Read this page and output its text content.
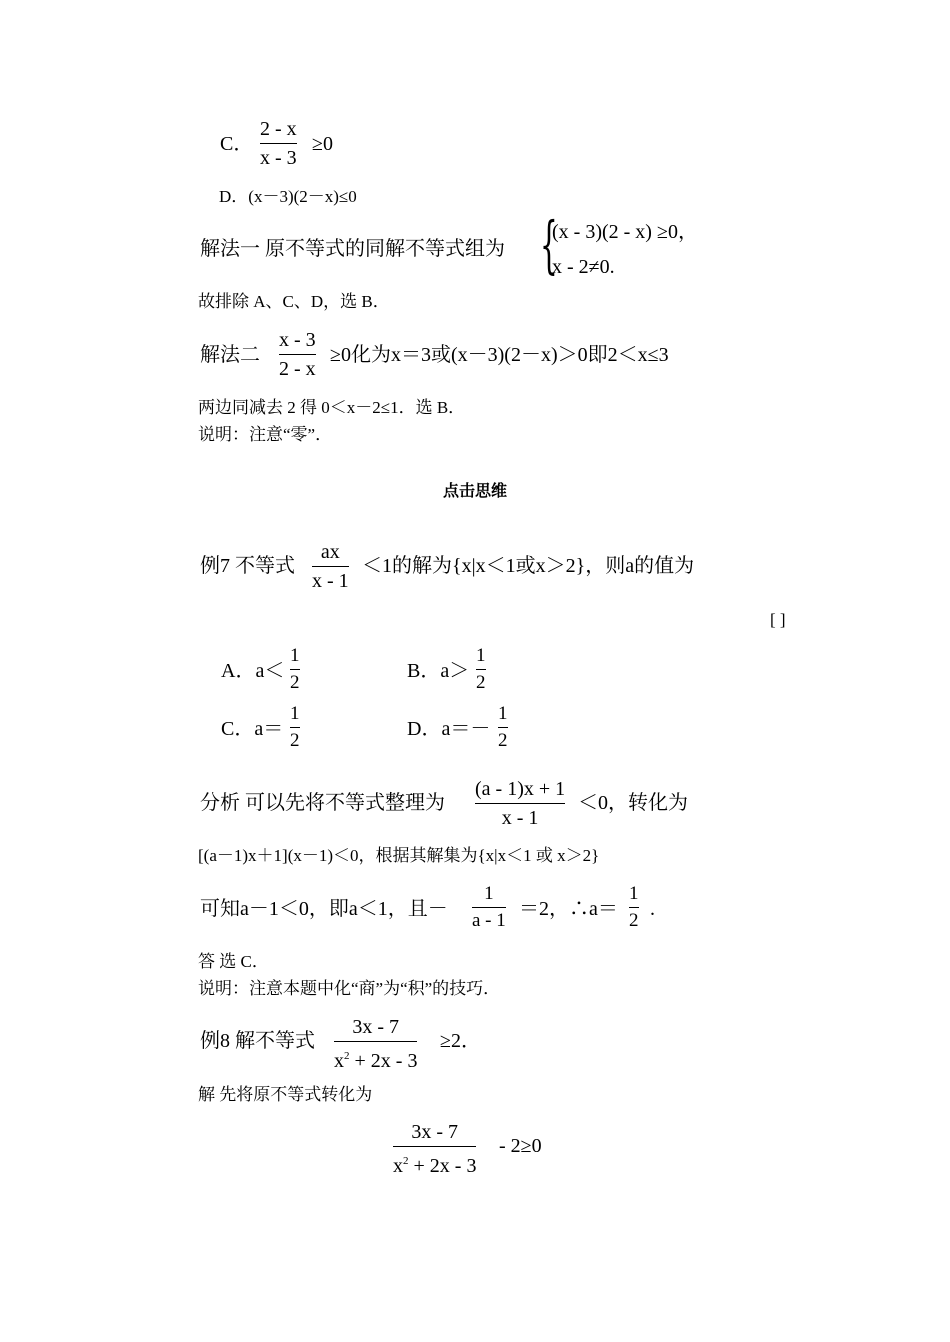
C．
2 - x
x - 3
≥0
D．(x－3)(2－x)≤0
解法一 原不等式的同解不等式组为 {
(x - 3)(2 - x) ≥0，
x - 2≠0.
故排除 A、C、D，选 B．
解法二
x - 3
2 - x
≥0化为x＝3或(x－3)(2－x)＞0即2＜x≤3
两边同减去 2 得 0＜x－2≤1．选 B．
说明：注意“零”．
点击思维
例7 不等式
ax
x - 1
＜1的解为{x|x＜1或x＞2}，则a的值为
[ ]
A．a＜
1
2
B．a＞
1
2
C．a＝
1
2
D．a＝－
1
2
分析 可以先将不等式整理为
(a - 1)x + 1
x - 1
＜0，转化为
[(a－1)x＋1](x－1)＜0，根据其解集为{x|x＜1 或 x＞2}
可知a－1＜0，即a＜1，且－
1
a - 1
＝2，∴a＝
1
2
.
答 选 C．
说明：注意本题中化“商”为“积”的技巧．
例8 解不等式
3x - 7
$x^2 + 2x - 3$
≥2．
解 先将原不等式转化为
3x - 7
$x^2 + 2x - 3$
- 2≥0
